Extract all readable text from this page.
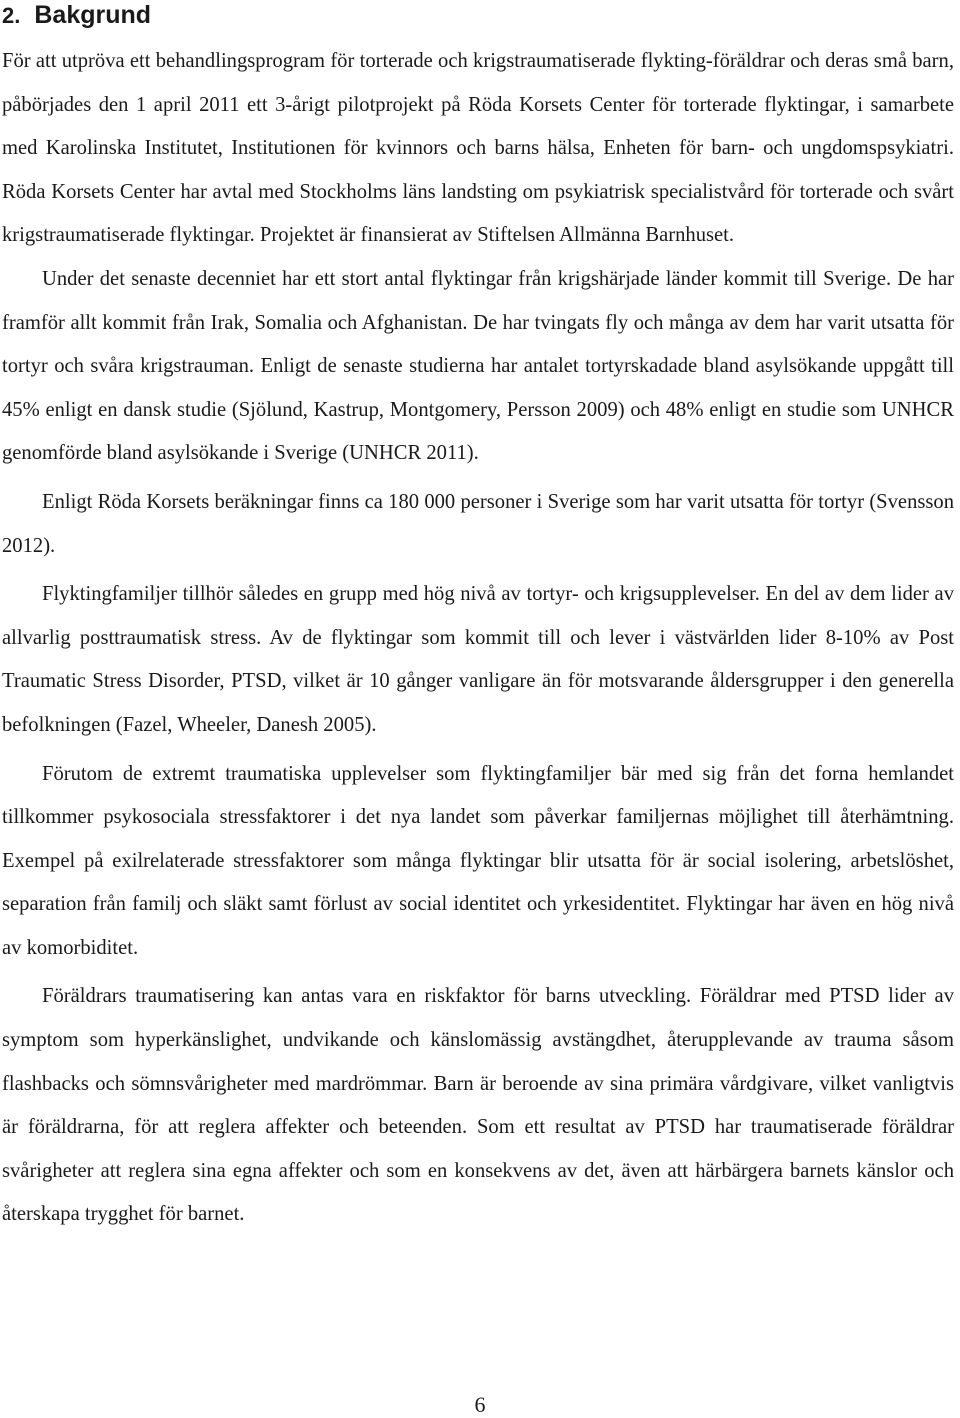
2. Bakgrund

För att utpröva ett behandlingsprogram för torterade och krigstraumatiserade flykting-föräldrar och deras små barn, påbörjades den 1 april 2011 ett 3-årigt pilotprojekt på Röda Korsets Center för torterade flyktingar, i samarbete med Karolinska Institutet, Institutionen för kvinnors och barns hälsa, Enheten för barn- och ungdomspsykiatri. Röda Korsets Center har avtal med Stockholms läns landsting om psykiatrisk specialistvård för torterade och svårt krigstraumatiserade flyktingar. Projektet är finansierat av Stiftelsen Allmänna Barnhuset.

Under det senaste decenniet har ett stort antal flyktingar från krigshärjade länder kommit till Sverige. De har framför allt kommit från Irak, Somalia och Afghanistan. De har tvingats fly och många av dem har varit utsatta för tortyr och svåra krigstrauman. Enligt de senaste studierna har antalet tortyrskadade bland asylsökande uppgått till 45% enligt en dansk studie (Sjölund, Kastrup, Montgomery, Persson 2009) och 48% enligt en studie som UNHCR genomförde bland asylsökande i Sverige (UNHCR 2011).

Enligt Röda Korsets beräkningar finns ca 180 000 personer i Sverige som har varit utsatta för tortyr (Svensson 2012).

Flyktingfamiljer tillhör således en grupp med hög nivå av tortyr- och krigsupplevelser. En del av dem lider av allvarlig posttraumatisk stress. Av de flyktingar som kommit till och lever i västvärlden lider 8-10% av Post Traumatic Stress Disorder, PTSD, vilket är 10 gånger vanligare än för motsvarande åldersgrupper i den generella befolkningen (Fazel, Wheeler, Danesh 2005).

Förutom de extremt traumatiska upplevelser som flyktingfamiljer bär med sig från det forna hemlandet tillkommer psykosociala stressfaktorer i det nya landet som påverkar familjernas möjlighet till återhämtning. Exempel på exilrelaterade stressfaktorer som många flyktingar blir utsatta för är social isolering, arbetslöshet, separation från familj och släkt samt förlust av social identitet och yrkesidentitet. Flyktingar har även en hög nivå av komorbiditet.

Föräldrars traumatisering kan antas vara en riskfaktor för barns utveckling. Föräldrar med PTSD lider av symptom som hyperkänslighet, undvikande och känslomässig avstängdhet, återupplevande av trauma såsom flashbacks och sömnsvårigheter med mardrömmar. Barn är beroende av sina primära vårdgivare, vilket vanligtvis är föräldrarna, för att reglera affekter och beteenden. Som ett resultat av PTSD har traumatiserade föräldrar svårigheter att reglera sina egna affekter och som en konsekvens av det, även att härbärgera barnets känslor och återskapa trygghet för barnet.

6
